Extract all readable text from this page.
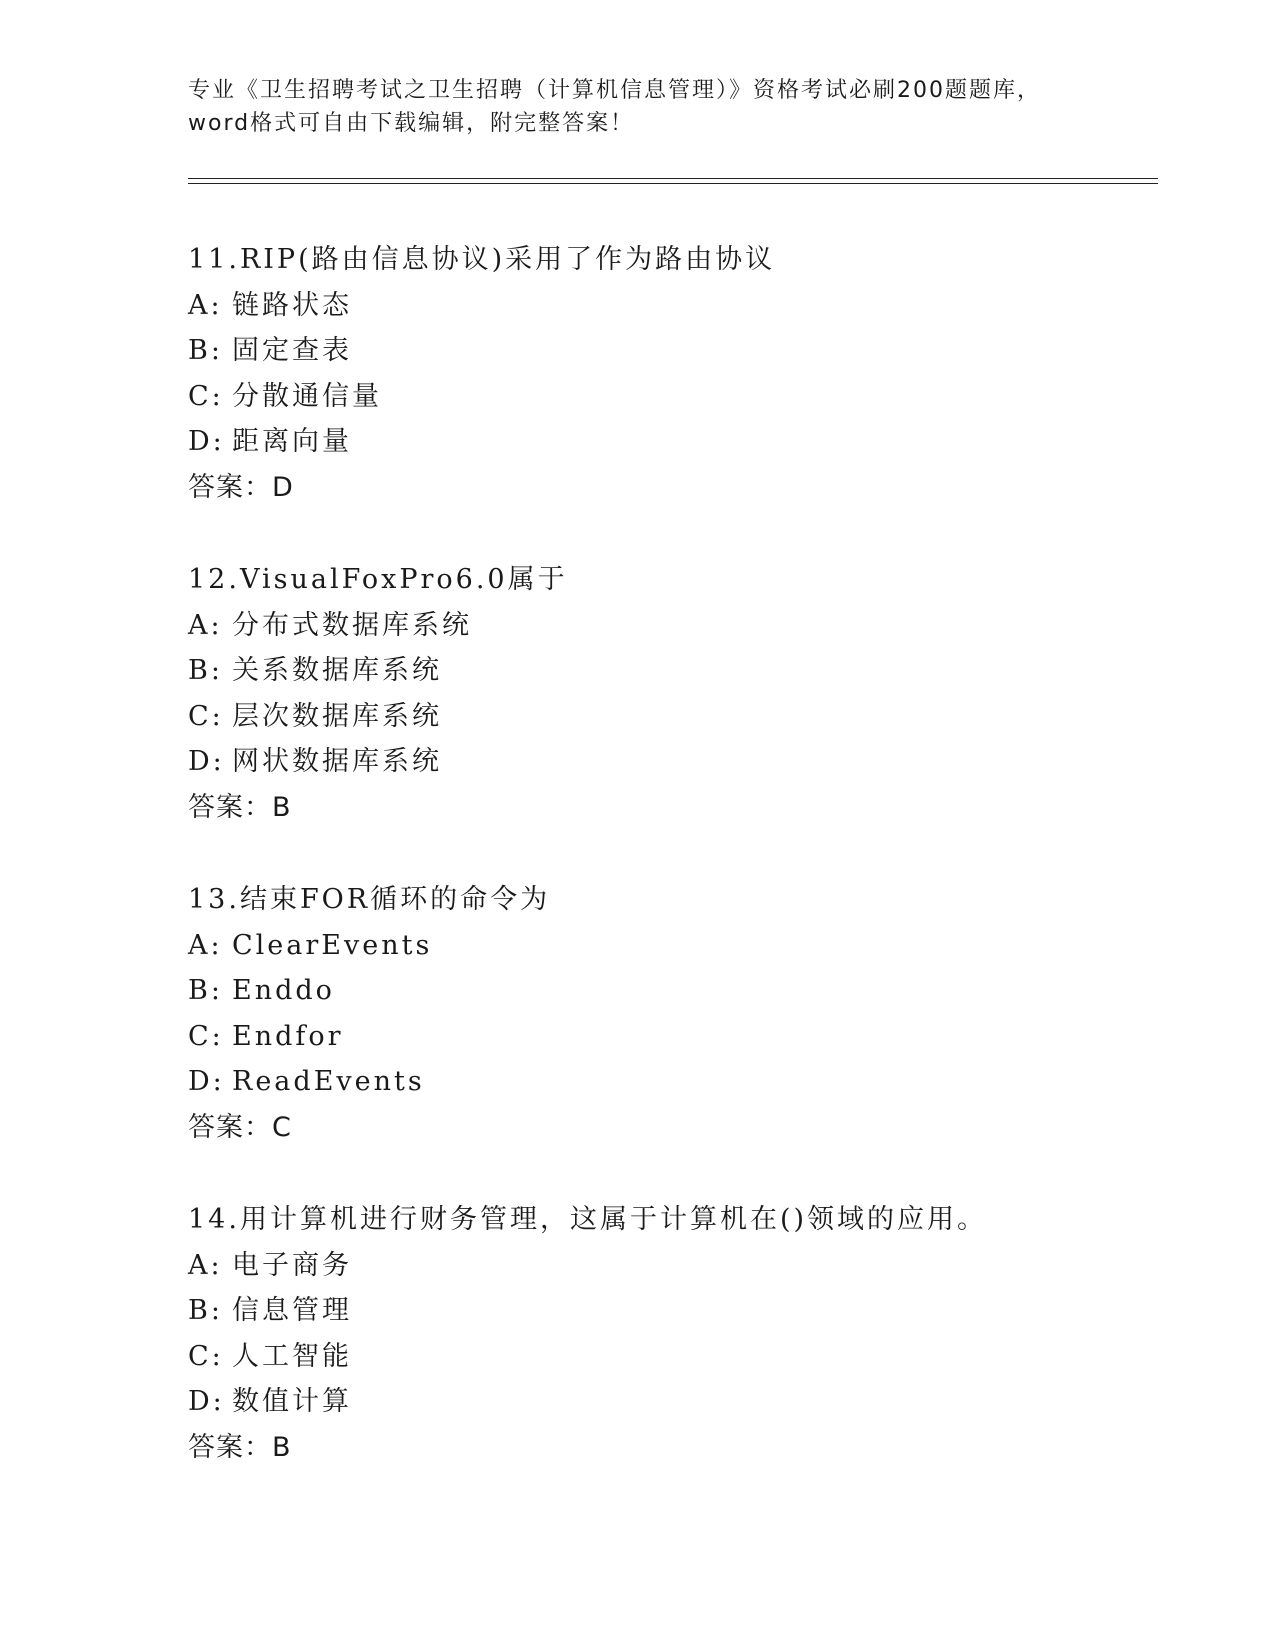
专业《卫生招聘考试之卫生招聘（计算机信息管理）》资格考试必刷200题题库，
word格式可自由下载编辑，附完整答案！
11.RIP(路由信息协议)采用了作为路由协议
A: 链路状态
B: 固定查表
C: 分散通信量
D: 距离向量
答案：D
12.VisualFoxPro6.0属于
A: 分布式数据库系统
B: 关系数据库系统
C: 层次数据库系统
D: 网状数据库系统
答案：B
13.结束FOR循环的命令为
A: ClearEvents
B: Enddo
C: Endfor
D: ReadEvents
答案：C
14.用计算机进行财务管理，这属于计算机在()领域的应用。
A: 电子商务
B: 信息管理
C: 人工智能
D: 数值计算
答案：B
